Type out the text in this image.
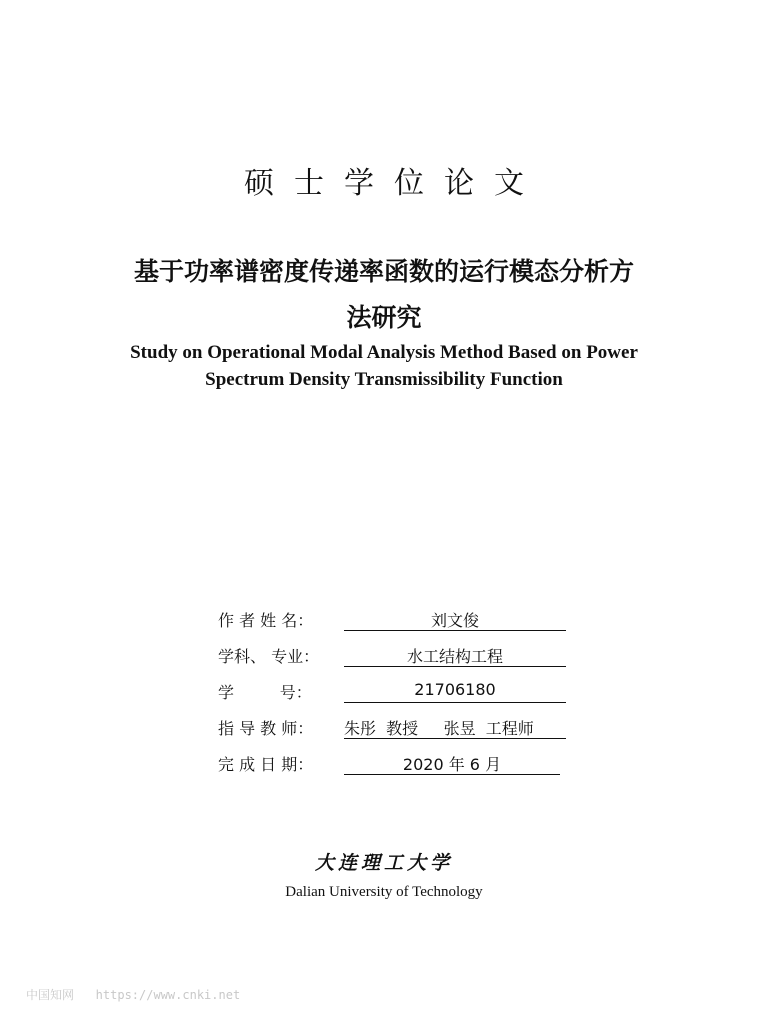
硕士学位论文
基于功率谱密度传递率函数的运行模态分析方
法研究
Study on Operational Modal Analysis Method Based on Power
Spectrum Density Transmissibility Function
作 者 姓 名：	刘文俊
学科、 专业：	水工结构工程
学         号：	21706180
指 导 教 师：	朱彤  教授     张昱  工程师
完 成 日 期：	2020 年 6 月
大连理工大学
Dalian University of Technology
中国知网   https://www.cnki.net
